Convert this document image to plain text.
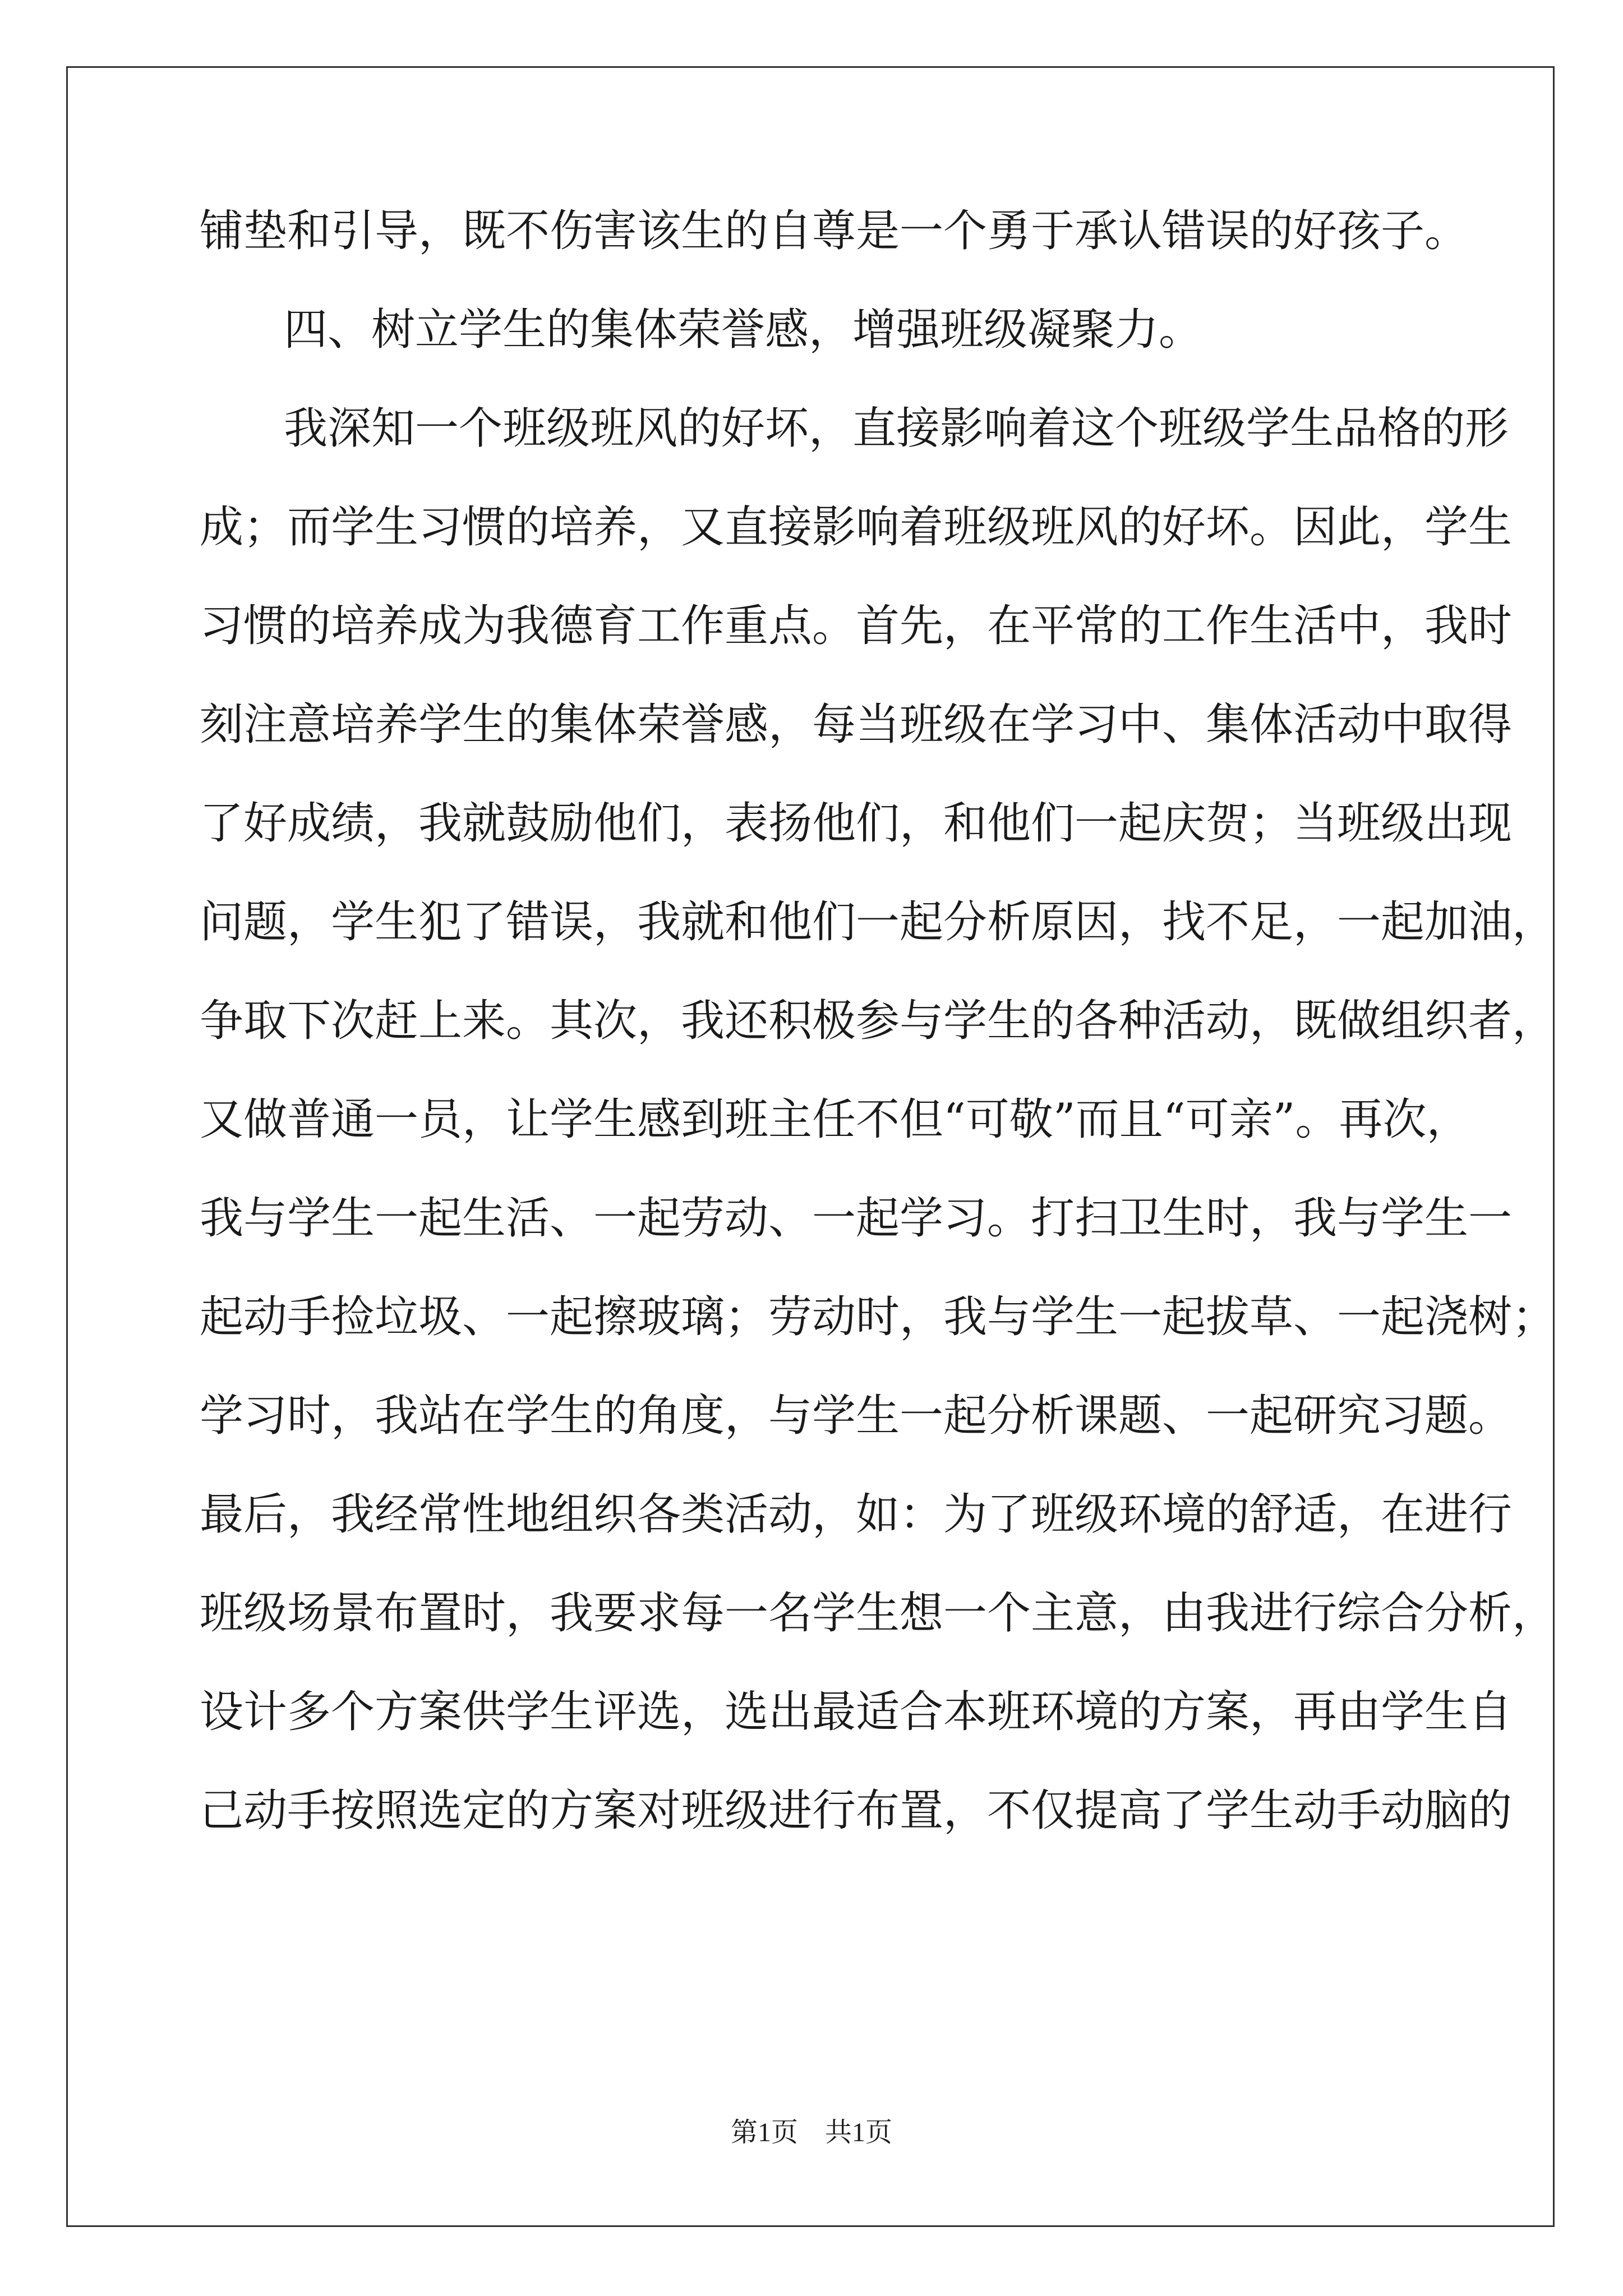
铺垫和引导，既不伤害该生的自尊是一个勇于承认错误的好孩子。
四、树立学生的集体荣誉感，增强班级凝聚力。
我深知一个班级班风的好坏，直接影响着这个班级学生品格的形
成；而学生习惯的培养，又直接影响着班级班风的好坏。因此，学生
习惯的培养成为我德育工作重点。首先，在平常的工作生活中，我时
刻注意培养学生的集体荣誉感，每当班级在学习中、集体活动中取得
了好成绩，我就鼓励他们，表扬他们，和他们一起庆贺；当班级出现
问题，学生犯了错误，我就和他们一起分析原因，找不足，一起加油，
争取下次赶上来。其次，我还积极参与学生的各种活动，既做组织者，
又做普通一员，让学生感到班主任不但“可敬”而且“可亲”。再次，
我与学生一起生活、一起劳动、一起学习。打扫卫生时，我与学生一
起动手捡垃圾、一起擦玻璃；劳动时，我与学生一起拔草、一起浇树；
学习时，我站在学生的角度，与学生一起分析课题、一起研究习题。
最后，我经常性地组织各类活动，如：为了班级环境的舒适，在进行
班级场景布置时，我要求每一名学生想一个主意，由我进行综合分析，
设计多个方案供学生评选，选出最适合本班环境的方案，再由学生自
己动手按照选定的方案对班级进行布置，不仅提高了学生动手动脑的
第1页　共1页
